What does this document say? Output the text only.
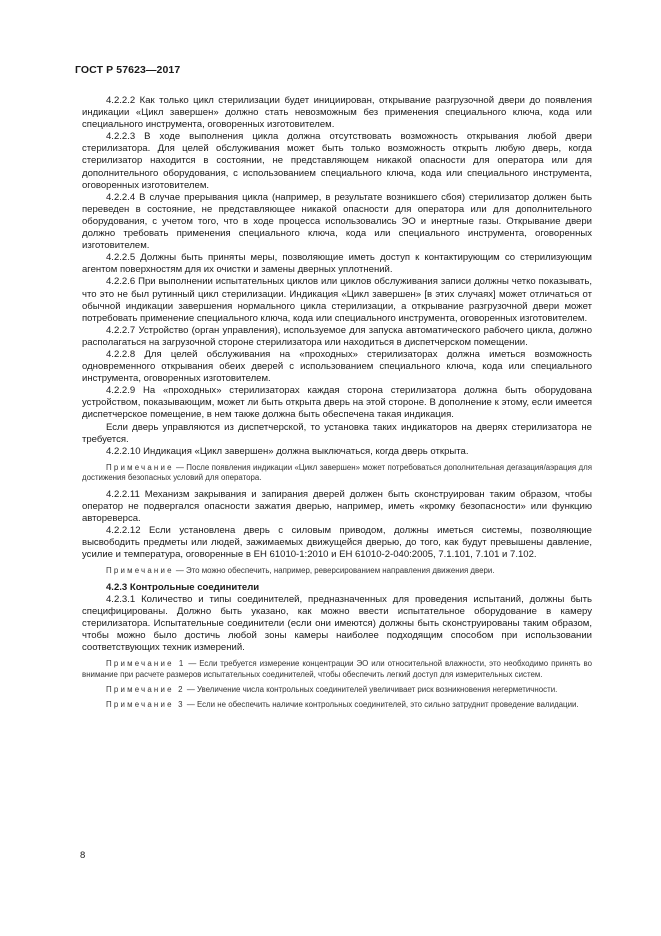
ГОСТ Р 57623—2017

4.2.2.2 Как только цикл стерилизации будет инициирован, открывание разгрузочной двери до появления индикации «Цикл завершен» должно стать невозможным без применения специального ключа, кода или специального инструмента, оговоренных изготовителем.

4.2.2.3 В ходе выполнения цикла должна отсутствовать возможность открывания любой двери стерилизатора. Для целей обслуживания может быть только возможность открыть любую дверь, когда стерилизатор находится в состоянии, не представляющем никакой опасности для оператора или для дополнительного оборудования, с использованием специального ключа, кода или специального инструмента, оговоренных изготовителем.

4.2.2.4 В случае прерывания цикла (например, в результате возникшего сбоя) стерилизатор должен быть переведен в состояние, не представляющее никакой опасности для оператора или для дополнительного оборудования, с учетом того, что в ходе процесса использовались ЭО и инертные газы. Открывание двери должно требовать применения специального ключа, кода или специального инструмента, оговоренных изготовителем.

4.2.2.5 Должны быть приняты меры, позволяющие иметь доступ к контактирующим со стерилизующим агентом поверхностям для их очистки и замены дверных уплотнений.

4.2.2.6 При выполнении испытательных циклов или циклов обслуживания записи должны четко показывать, что это не был рутинный цикл стерилизации. Индикация «Цикл завершен» [в этих случаях] может отличаться от обычной индикации завершения нормального цикла стерилизации, а открывание разгрузочной двери может потребовать применение специального ключа, кода или специального инструмента, оговоренных изготовителем.

4.2.2.7 Устройство (орган управления), используемое для запуска автоматического рабочего цикла, должно располагаться на загрузочной стороне стерилизатора или находиться в диспетчерском помещении.

4.2.2.8 Для целей обслуживания на «проходных» стерилизаторах должна иметься возможность одновременного открывания обеих дверей с использованием специального ключа, кода или специального инструмента, оговоренных изготовителем.

4.2.2.9 На «проходных» стерилизаторах каждая сторона стерилизатора должна быть оборудована устройством, показывающим, может ли быть открыта дверь на этой стороне. В дополнение к этому, если имеется диспетчерское помещение, в нем также должна быть обеспечена такая индикация.

Если дверь управляются из диспетчерской, то установка таких индикаторов на дверях стерилизатора не требуется.

4.2.2.10 Индикация «Цикл завершен» должна выключаться, когда дверь открыта.

Примечание — После появления индикации «Цикл завершен» может потребоваться дополнительная дегазация/аэрация для достижения безопасных условий для оператора.

4.2.2.11 Механизм закрывания и запирания дверей должен быть сконструирован таким образом, чтобы оператор не подвергался опасности зажатия дверью, например, иметь «кромку безопасности» или функцию автореверса.

4.2.2.12 Если установлена дверь с силовым приводом, должны иметься системы, позволяющие высвободить предметы или людей, зажимаемых движущейся дверью, до того, как будут превышены давление, усилие и температура, оговоренные в ЕН 61010-1:2010 и ЕН 61010-2-040:2005, 7.1.101, 7.101 и 7.102.

Примечание — Это можно обеспечить, например, реверсированием направления движения двери.

4.2.3 Контрольные соединители

4.2.3.1 Количество и типы соединителей, предназначенных для проведения испытаний, должны быть специфицированы. Должно быть указано, как можно ввести испытательное оборудование в камеру стерилизатора. Испытательные соединители (если они имеются) должны быть сконструированы таким образом, чтобы можно было достичь любой зоны камеры наиболее подходящим способом при использовании соответствующих техник измерений.

Примечание 1 — Если требуется измерение концентрации ЭО или относительной влажности, это необходимо принять во внимание при расчете размеров испытательных соединителей, чтобы обеспечить легкий доступ для измерительных систем.

Примечание 2 — Увеличение числа контрольных соединителей увеличивает риск возникновения негерметичности.

Примечание 3 — Если не обеспечить наличие контрольных соединителей, это сильно затруднит проведение валидации.

8
